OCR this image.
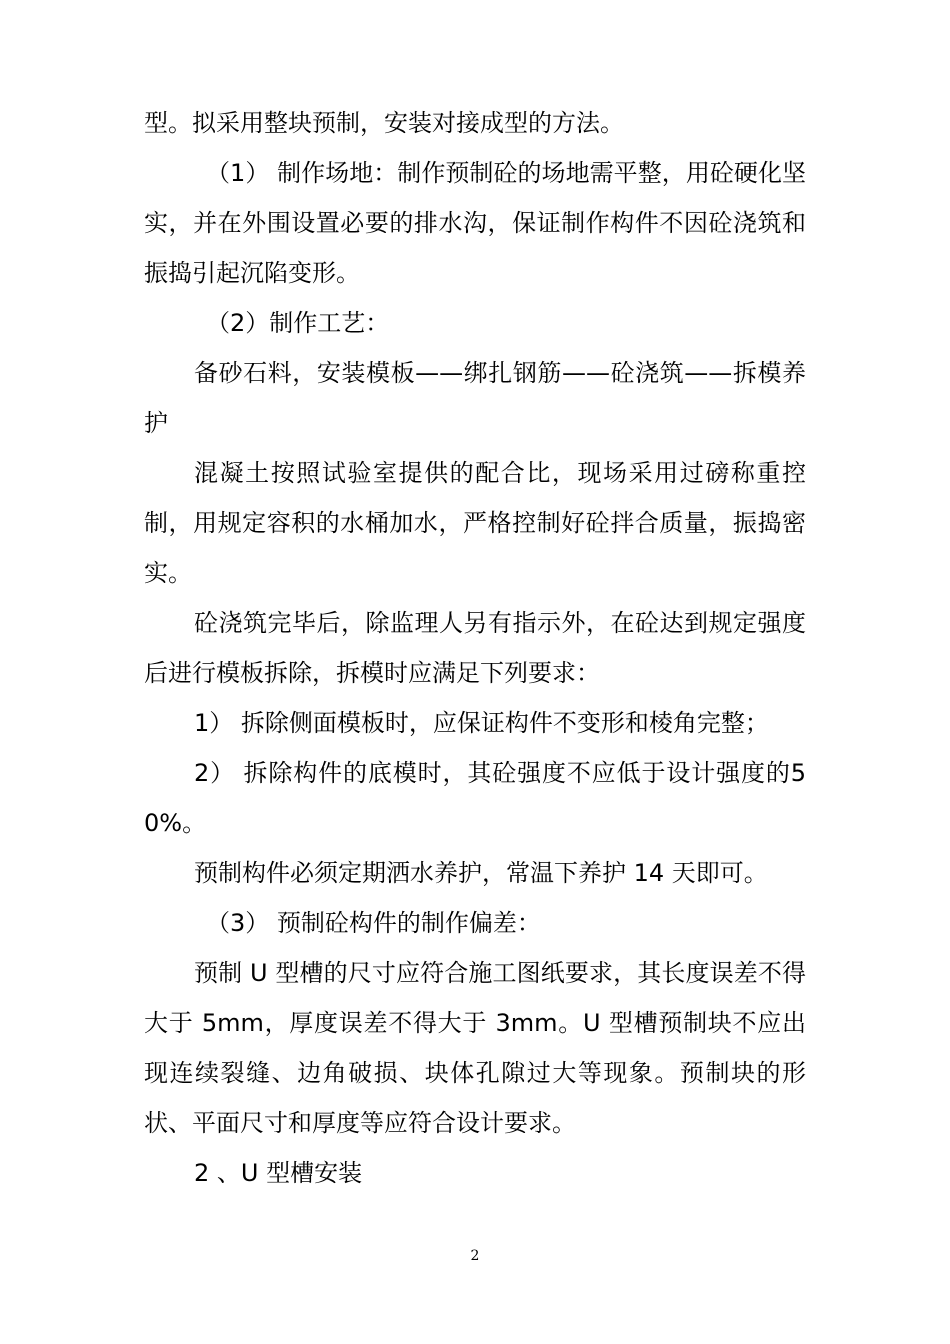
型。拟采用整块预制，安装对接成型的方法。

（1） 制作场地：制作预制砼的场地需平整，用砼硬化坚实，并在外围设置必要的排水沟，保证制作构件不因砼浇筑和振捣引起沉陷变形。

（2）制作工艺：

备砂石料，安装模板——绑扎钢筋——砼浇筑——拆模养护

混凝土按照试验室提供的配合比，现场采用过磅称重控制，用规定容积的水桶加水，严格控制好砼拌合质量，振捣密实。

砼浇筑完毕后，除监理人另有指示外，在砼达到规定强度后进行模板拆除，拆模时应满足下列要求：

1） 拆除侧面模板时，应保证构件不变形和棱角完整；

2） 拆除构件的底模时，其砼强度不应低于设计强度的50%。

预制构件必须定期洒水养护，常温下养护 14 天即可。

（3） 预制砼构件的制作偏差：

预制 U 型槽的尺寸应符合施工图纸要求，其长度误差不得大于 5mm，厚度误差不得大于 3mm。U 型槽预制块不应出现连续裂缝、边角破损、块体孔隙过大等现象。预制块的形状、平面尺寸和厚度等应符合设计要求。

2 、U 型槽安装

2
